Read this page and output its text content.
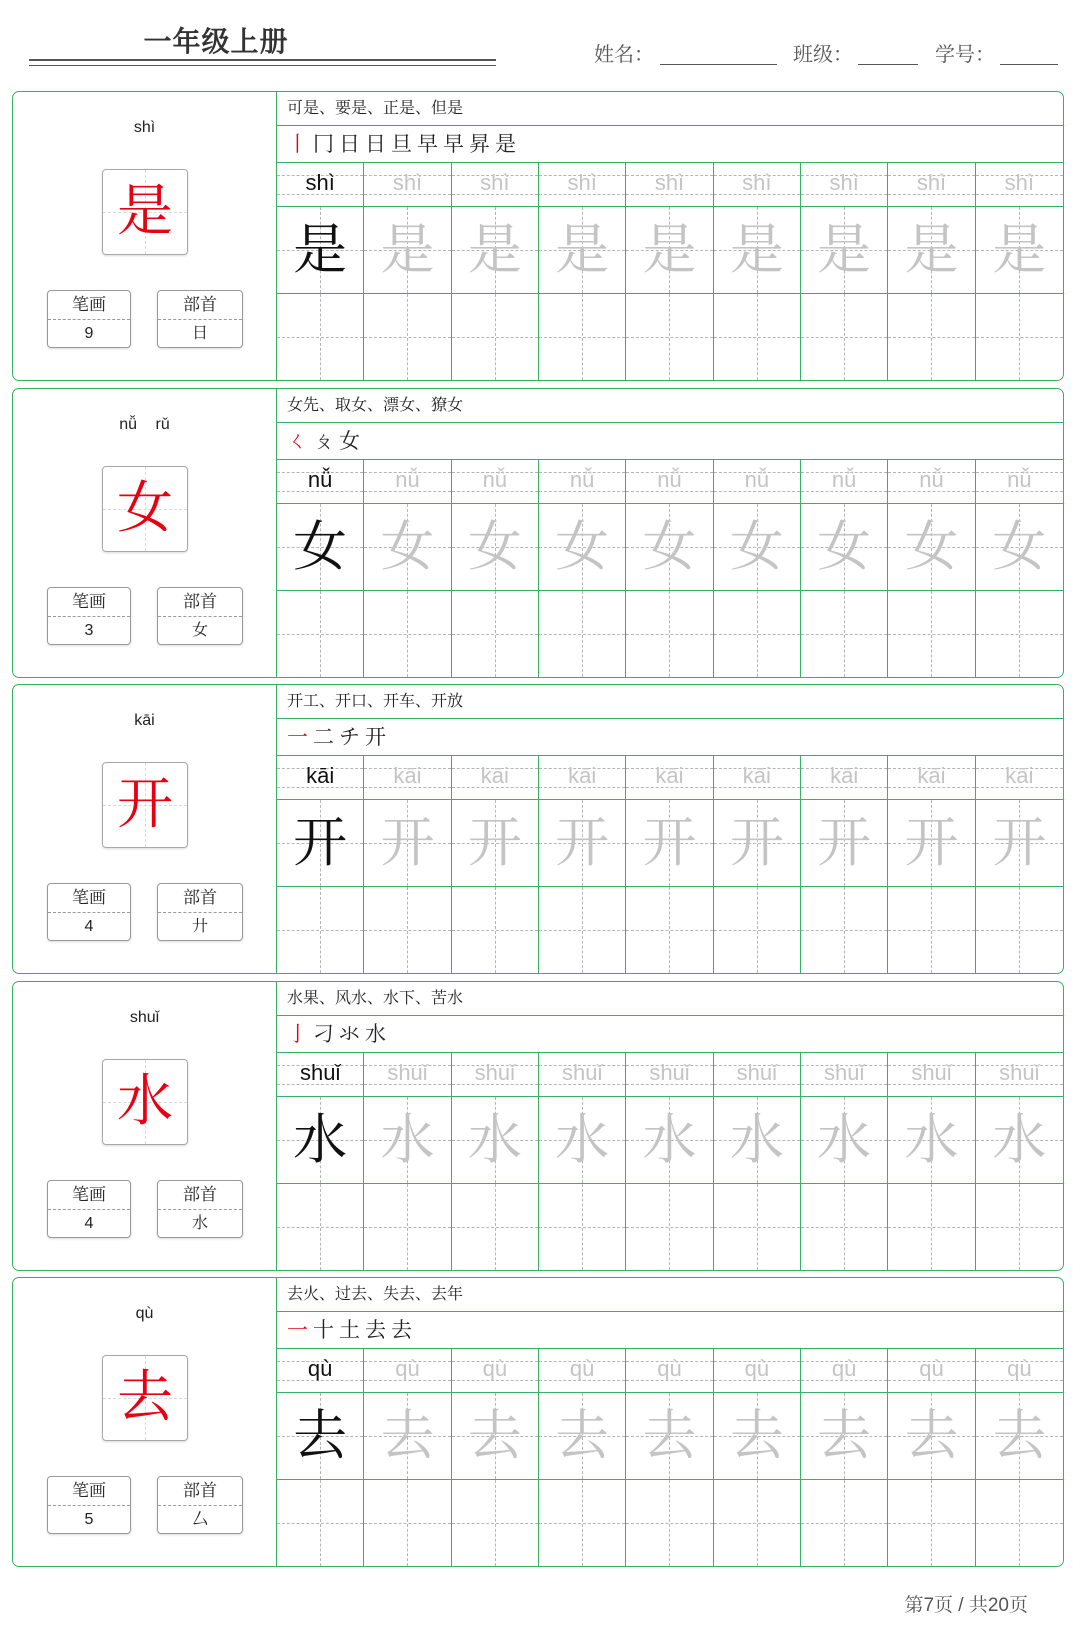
一年级上册	姓名：	班级：	学号：
shì
是
笔画
9
部首
日
可是、要是、正是、但是
丨 冂 日 日 旦 早 早 昇 是
shì	shì	shì	shì	shì	shì	shì	shì	shì
是 是 是 是 是 是 是 是 是
nǚ rǔ
女
笔画
3
部首
女
女先、取女、漂女、獠女
ㄑ ㄆ 女
nǚ	nǚ	nǚ	nǚ	nǚ	nǚ	nǚ	nǚ	nǚ
女 女 女 女 女 女 女 女 女
kāi
开
笔画
4
部首
廾
开工、开口、开车、开放
一 二 チ 开
kāi	kāi	kāi	kāi	kāi	kāi	kāi	kāi	kāi
开 开 开 开 开 开 开 开 开
shuǐ
水
笔画
4
部首
水
水果、风水、水下、苦水
亅 刁 氺 水
shuǐ	shuǐ	shuǐ	shuǐ	shuǐ	shuǐ	shuǐ	shuǐ	shuǐ
水 水 水 水 水 水 水 水 水
qù
去
笔画
5
部首
厶
去火、过去、失去、去年
一 十 土 去 去
qù	qù	qù	qù	qù	qù	qù	qù	qù
去 去 去 去 去 去 去 去 去
第7页 / 共20页
